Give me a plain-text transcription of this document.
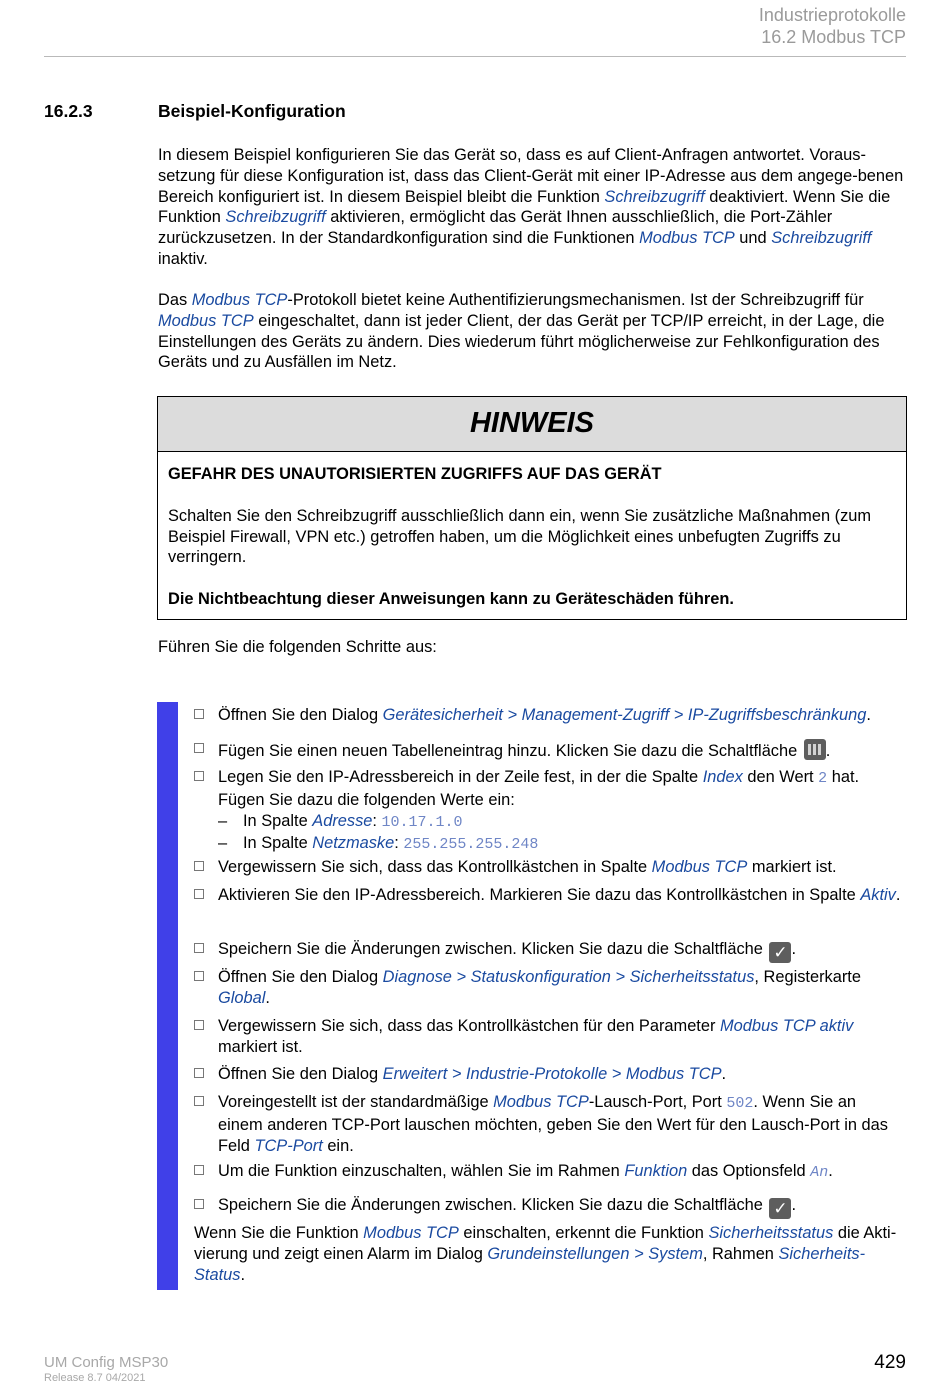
Industrieprotokolle
16.2 Modbus TCP
16.2.3	Beispiel-Konfiguration
In diesem Beispiel konfigurieren Sie das Gerät so, dass es auf Client-Anfragen antwortet. Voraus-setzung für diese Konfiguration ist, dass das Client-Gerät mit einer IP-Adresse aus dem angege-benen Bereich konfiguriert ist. In diesem Beispiel bleibt die Funktion Schreibzugriff deaktiviert. Wenn Sie die Funktion Schreibzugriff aktivieren, ermöglicht das Gerät Ihnen ausschließlich, die Port-Zähler zurückzusetzen. In der Standardkonfiguration sind die Funktionen Modbus TCP und Schreibzugriff inaktiv.
Das Modbus TCP-Protokoll bietet keine Authentifizierungsmechanismen. Ist der Schreibzugriff für Modbus TCP eingeschaltet, dann ist jeder Client, der das Gerät per TCP/IP erreicht, in der Lage, die Einstellungen des Geräts zu ändern. Dies wiederum führt möglicherweise zur Fehlkonfiguration des Geräts und zu Ausfällen im Netz.
HINWEIS
GEFAHR DES UNAUTORISIERTEN ZUGRIFFS AUF DAS GERÄT
Schalten Sie den Schreibzugriff ausschließlich dann ein, wenn Sie zusätzliche Maßnahmen (zum Beispiel Firewall, VPN etc.) getroffen haben, um die Möglichkeit eines unbefugten Zugriffs zu verringern.
Die Nichtbeachtung dieser Anweisungen kann zu Geräteschäden führen.
Führen Sie die folgenden Schritte aus:
Öffnen Sie den Dialog Gerätesicherheit > Management-Zugriff > IP-Zugriffsbeschränkung.
Fügen Sie einen neuen Tabelleneintrag hinzu. Klicken Sie dazu die Schaltfläche .
Legen Sie den IP-Adressbereich in der Zeile fest, in der die Spalte Index den Wert 2 hat.
Fügen Sie dazu die folgenden Werte ein:
– In Spalte Adresse: 10.17.1.0
– In Spalte Netzmaske: 255.255.255.248
Vergewissern Sie sich, dass das Kontrollkästchen in Spalte Modbus TCP markiert ist.
Aktivieren Sie den IP-Adressbereich. Markieren Sie dazu das Kontrollkästchen in Spalte Aktiv.
Speichern Sie die Änderungen zwischen. Klicken Sie dazu die Schaltfläche ✓ .
Öffnen Sie den Dialog Diagnose > Statuskonfiguration > Sicherheitsstatus, Registerkarte Global.
Vergewissern Sie sich, dass das Kontrollkästchen für den Parameter Modbus TCP aktiv markiert ist.
Öffnen Sie den Dialog Erweitert > Industrie-Protokolle > Modbus TCP.
Voreingestellt ist der standardmäßige Modbus TCP-Lausch-Port, Port 502. Wenn Sie an einem anderen TCP-Port lauschen möchten, geben Sie den Wert für den Lausch-Port in das Feld TCP-Port ein.
Um die Funktion einzuschalten, wählen Sie im Rahmen Funktion das Optionsfeld An.
Speichern Sie die Änderungen zwischen. Klicken Sie dazu die Schaltfläche ✓ .
Wenn Sie die Funktion Modbus TCP einschalten, erkennt die Funktion Sicherheitsstatus die Akti-vierung und zeigt einen Alarm im Dialog Grundeinstellungen > System, Rahmen Sicherheits-Status.
UM Config MSP30
Release 8.7 04/2021
429
